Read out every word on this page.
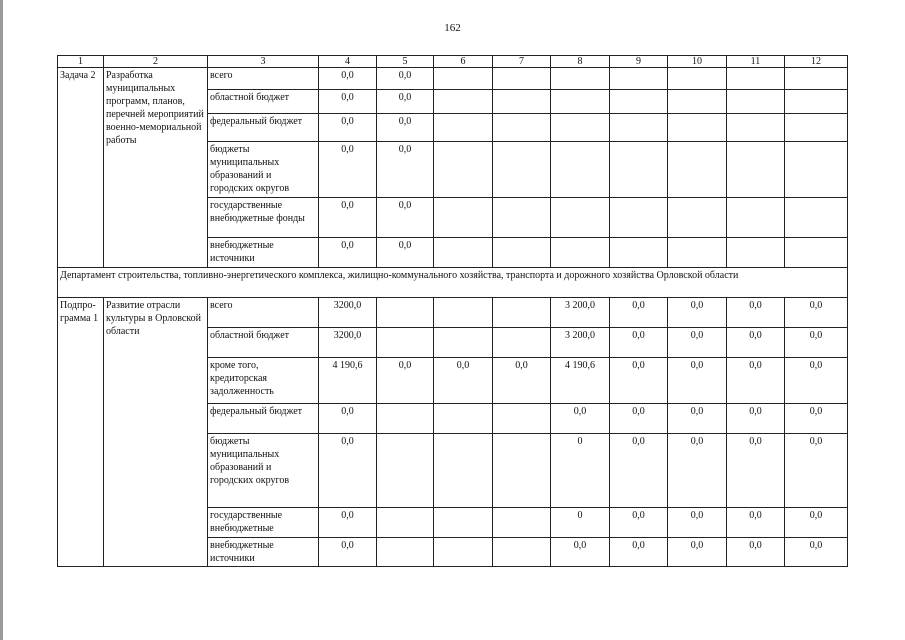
162
1	2	3	4	5	6	7	8	9	10	11	12
Задача 2	Разработка муниципальных программ, планов, перечней мероприятий военно-мемориальной работы	всего	0,0	0,0							
		областной бюджет	0,0	0,0							
		федеральный бюджет	0,0	0,0							
		бюджеты муниципальных образований и городских округов	0,0	0,0							
		государственные внебюджетные фонды	0,0	0,0							
		внебюджетные источники	0,0	0,0							
Департамент строительства, топливно-энергетического комплекса, жилищно-коммунального хозяйства, транспорта и дорожного хозяйства Орловской области											
Подпро-грамма 1	Развитие отрасли культуры в Орловской области	всего	3200,0				3 200,0	0,0	0,0	0,0	0,0
		областной бюджет	3200,0				3 200,0	0,0	0,0	0,0	0,0
		кроме того, кредиторская задолженность	4 190,6	0,0	0,0	0,0	4 190,6	0,0	0,0	0,0	0,0
		федеральный бюджет	0,0				0,0	0,0	0,0	0,0	0,0
		бюджеты муниципальных образований и городских округов	0,0				0	0,0	0,0	0,0	0,0
		государственные внебюджетные	0,0				0	0,0	0,0	0,0	0,0
		внебюджетные источники	0,0				0,0	0,0	0,0	0,0	0,0
